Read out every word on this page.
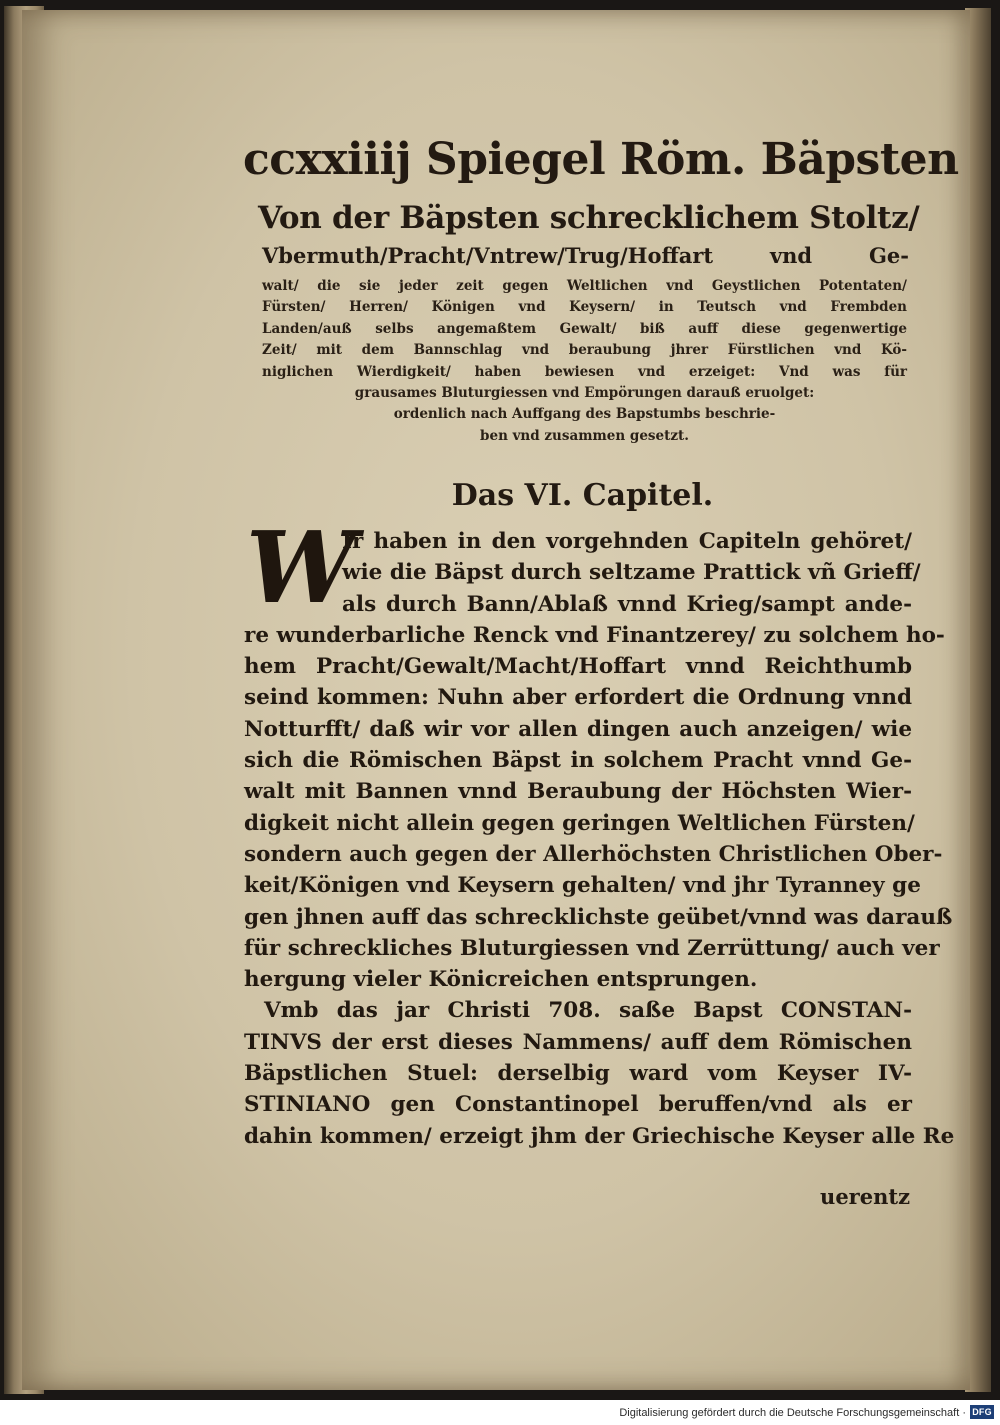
ccxxiiij Spiegel Röm. Bäpsten
Von der Bäpsten schrecklichem Stoltz/
Vbermuth/Pracht/Vntrew/Trug/Hoffart vnd Ge-
walt/ die sie jeder zeit gegen Weltlichen vnd Geystlichen Potentaten/
Fürsten/ Herren/ Königen vnd Keysern/ in Teutsch vnd Frembden
Landen/auß selbs angemaßtem Gewalt/ biß auff diese gegenwertige
Zeit/ mit dem Bannschlag vnd beraubung jhrer Fürstlichen vnd Kö-
niglichen Wierdigkeit/ haben bewiesen vnd erzeiget: Vnd was für
grausames Bluturgiessen vnd Empörungen darauß eruolget:
ordenlich nach Auffgang des Bapstumbs beschrie-
ben vnd zusammen gesetzt.
Das VI. Capitel.
W
Ir haben in den vorgehnden Capiteln gehöret/
wie die Bäpst durch seltzame Prattick vñ Grieff/
als durch Bann/Ablaß vnnd Krieg/sampt ande-
re wunderbarliche Renck vnd Finantzerey/ zu solchem ho-
hem Pracht/Gewalt/Macht/Hoffart vnnd Reichthumb
seind kommen: Nuhn aber erfordert die Ordnung vnnd
Notturfft/ daß wir vor allen dingen auch anzeigen/ wie
sich die Römischen Bäpst in solchem Pracht vnnd Ge-
walt mit Bannen vnnd Beraubung der Höchsten Wier-
digkeit nicht allein gegen geringen Weltlichen Fürsten/
sondern auch gegen der Allerhöchsten Christlichen Ober-
keit/Königen vnd Keysern gehalten/ vnd jhr Tyranney ge
gen jhnen auff das schrecklichste geübet/vnnd was darauß
für schreckliches Bluturgiessen vnd Zerrüttung/ auch ver
hergung vieler Könicreichen entsprungen.
Vmb das jar Christi 708. saße Bapst CONSTAN-
TINVS der erst dieses Nammens/ auff dem Römischen
Bäpstlichen Stuel: derselbig ward vom Keyser IV-
STINIANO gen Constantinopel beruffen/vnd als er
dahin kommen/ erzeigt jhm der Griechische Keyser alle Re
uerentz
Digitalisierung gefördert durch die Deutsche Forschungsgemeinschaft · DFG
